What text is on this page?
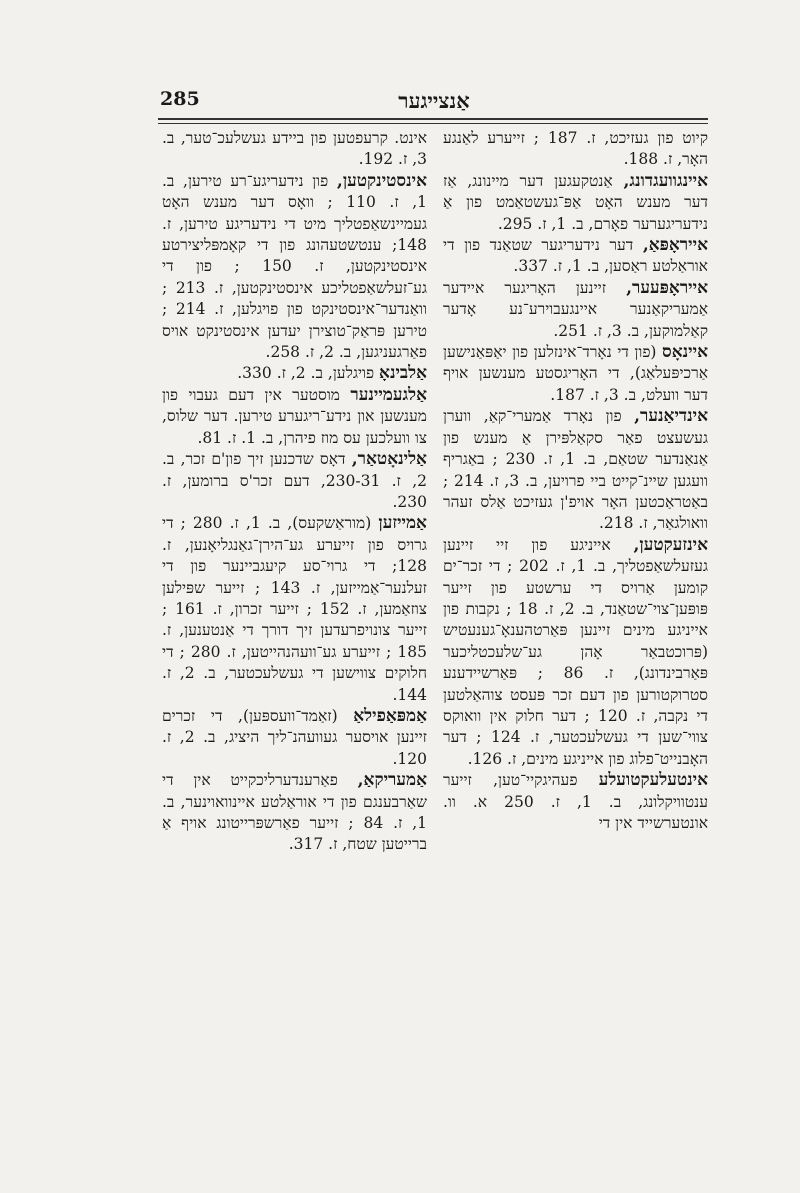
285	אַנצייגער

קיוט פון געזיכט, ז. 187 ; זייערע לאַנגע האָר, ז. 188.

איינגוועגדונג, אַנטקעגען דער מיינונג, אַז דער מענש האָט אַפּ־געשטאַמט פון אַ נידעריגערער פאָרם, ב. 1, ז. 295.

אייראָפּאַ, דער נידעריגער שטאַנד פון די אוראַלטע ראַסען, ב. 1, ז. 337.

אייראָפּעער, זיינען האָריגער איידער אַמעריקאַנער איינגעבוירע־נע אָדער קאַלמוקען, ב. 3, ז. 251.

איינאָס (פון די נאָרד־אינזלען פון יאַפּאַנישען אַרכיפּעלאַג), די האָריגסטע מענשען אויף דער וועלט, ב. 3, ז. 187.

אינדיאַנער, פון נאָרד אַמערי־קאַ, ווערן געשעצט פאַר סקאַלפּירן אַ מענש פון אַנאַנדער שטאַם, ב. 1, ז. 230 ; באַגריף וועגען שיינ־קייט ביי פרויען, ב. 3, ז. 214 ; באַטראַכטען האָר אויפ'ן געזיכט אַלס זעהר וואולגאַר, ז. 218.

אינזעקטען, אייניגע פון זיי זיינען געזעלשאַפטליך, ב. 1, ז. 202 ; די זכר־ים קומען אַרויס די ערשטע פון זייער פּופּען־צוי־שטאַנד, ב. 2, ז. 18 ; נקבות פון אייניגע מינים זיינען פּאַרטהענאָ־גענעטיש (פּרוכטבאַר אָהן גע־שלעכטליכער פּאַרבינדונג), ז. 86 ; פּאַרשיידענע סטרוקטורען פון דעם זכר פּעסט צוהאַלטען די נקבה, ז. 120 ; דער חלוק אין וואוקס צווי־שען די געשלעכטער, ז. 124 ; דער האָבנייט־פלוג פון אייניגע מינים, ז. 126.

אינטעלעקטועלע פעהיגקיי־טען, זייער ענטוויקלונג, ב. 1, ז. 250 א. וו. אונטערשייד אין די

אינט. קרעפטען פון ביידע געשלעכ־טער, ב. 3, ז. 192.

אינסטינקטען, פון נידעריגע־רע טירען, ב. 1, ז. 110 ; וואָס דער מענש האָט געמיינשאַפטליך מיט די נידעריגע טירען, ז. 148; ענטשטעהונג פון די קאָמפּליצירטע אינסטינקטען, ז. 150 ; פון די גע־זעלשאַפטליכע אינסטינקטען, ז. 213 ; וואַנדער־אינסטינקט פון פויגלען, ז. 214 ; טירען פּראַק־טוצירן יעדען אינסטינקט אויס פאַרגעניגען, ב. 2, ז. 258.

אַלבינאָ פויגלען, ב. 2, ז. 330.

אַלגעמיינער מוסטער אין דעם געבוי פון מענשען און נידע־ריגערע טירען. דער שלוס, צו וועלכען עס מוז פיהרן, ב. 1. ז. 81.

אַלינאָטאַר, דאָס שדכנען זיך פון'ם זכר, ב. 2, ז. 230-31, דעם זכר'ס ברומען, ז. 230.

אַמייזען (מוראַשקעס), ב. 1, ז. 280 ; די גרויס פון זייערע גע־הירן־גאַנגליאָנען, ז. 128; די גרוי־סע קיעגביינער פון די זעלנער־אַמייזען, ז. 143 ; זייער שפּילען צוזאַמען, ז. 152 ; זייער זכרון, ז. 161 ; זייער צונויפרעדען זיך דורך די אַנטענען, ז. 185 ; זייערע גע־וועהנהייטען, ז. 280 ; די חלוקים צווישען די געשלעכטער, ב. 2, ז. 144.

אַמפּאַפילאַ (זאַמד־וועספּען), די זכרים זיינען אויסער געוועהנ־ליך היציג, ב. 2, ז. 120.

אַמעריקאַ, פאַרענדערליכקייט אין די שאַרבענגם פון די אוראַלטע איינוואוינער, ב. 1, ז. 84 ; זייער פאַרשפּרייטונג אויף אַ ברייטען שטח, ז. 317.
